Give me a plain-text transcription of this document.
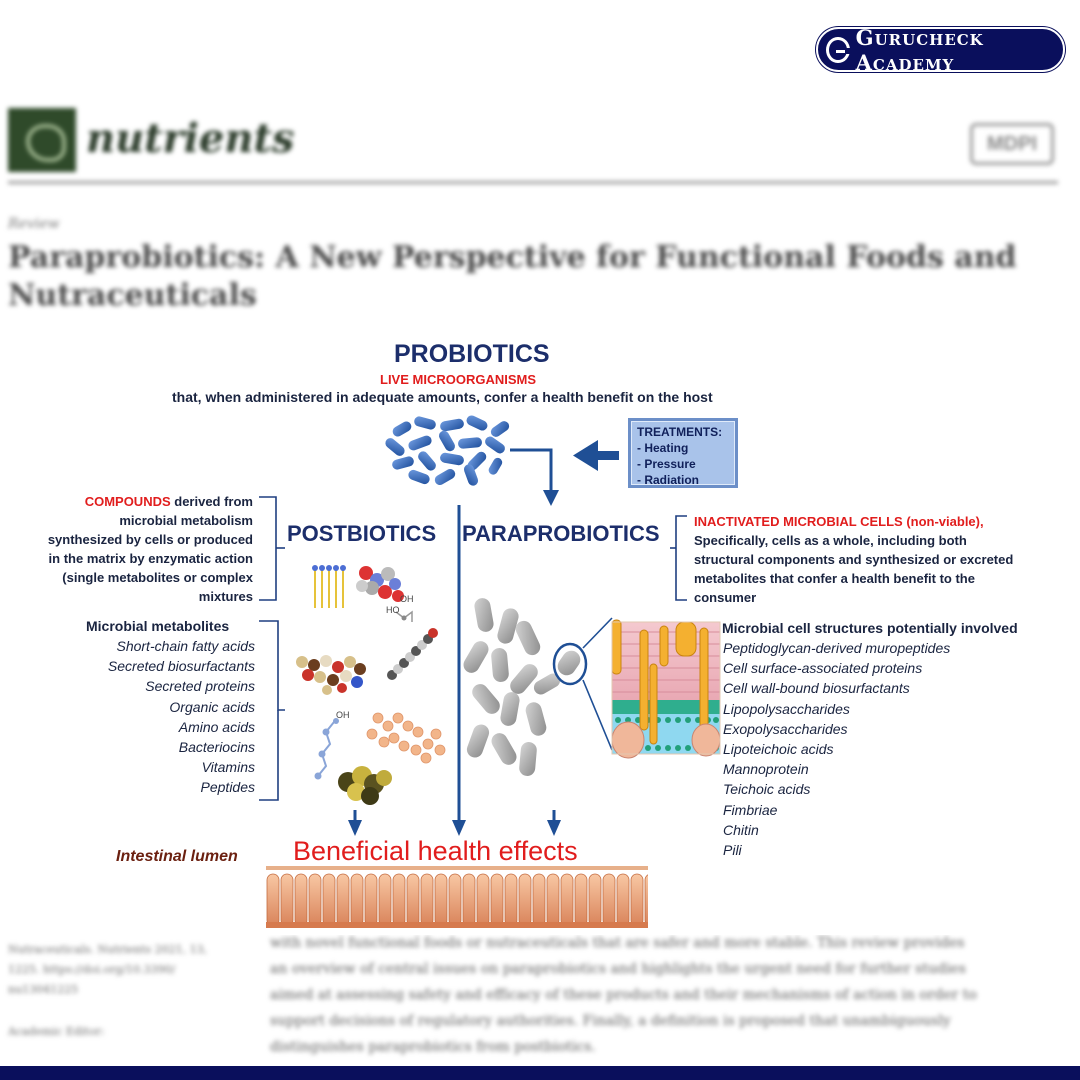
Gurucheck Academy
nutrients	MDPI
Review
Paraprobiotics: A New Perspective for Functional Foods and Nutraceuticals
Nutraceuticals. Nutrients 2021, 13,
1225. https://doi.org/10.3390/
nu13041225
Academic Editor:
with novel functional foods or nutraceuticals that are safer and more stable. This review provides
an overview of central issues on paraprobiotics and highlights the urgent need for further studies
aimed at assessing safety and efficacy of these products and their mechanisms of action in order to
support decisions of regulatory authorities. Finally, a definition is proposed that unambiguously
distinguishes paraprobiotics from postbiotics.
HO
OH
OH
PROBIOTICS
LIVE MICROORGANISMS
that, when administered in adequate amounts, confer a health benefit on the host
TREATMENTS:
- Heating
- Pressure
- Radiation
COMPOUNDS derived from
microbial metabolism
synthesized by cells or produced
in the matrix by enzymatic action
(single metabolites or complex
mixtures
POSTBIOTICS PARAPROBIOTICS	INACTIVATED MICROBIAL CELLS (non-viable),
Specifically, cells as a whole, including both
structural components and synthesized or excreted
metabolites that confer a health benefit to the
consumer
Microbial metabolites
Short-chain fatty acids
Secreted biosurfactants
Secreted proteins
Organic acids
Amino acids
Bacteriocins
Vitamins
Peptides
Microbial cell structures potentially involved
Peptidoglycan-derived muropeptides
Cell surface-associated proteins
Cell wall-bound biosurfactants
Lipopolysaccharides
Exopolysaccharides
Lipoteichoic acids
Mannoprotein
Teichoic acids
Fimbriae
Chitin
Pili
Intestinal lumen Beneficial health effects
